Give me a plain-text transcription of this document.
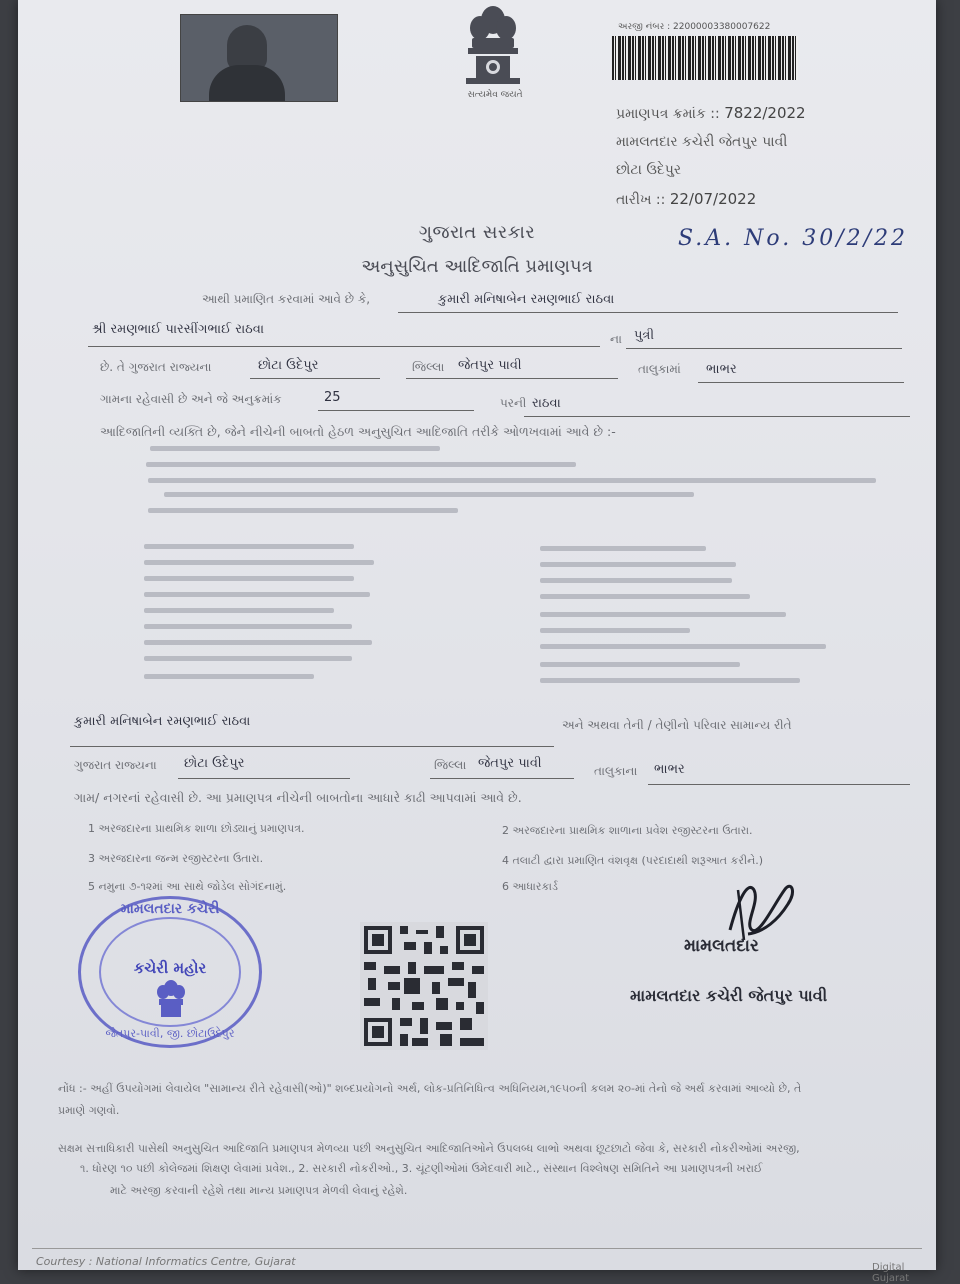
સત્યમેવ જયતે
અરજી નંબર : 22000003380007622
પ્રમાણપત્ર ક્રમાંક :: 7822/2022
મામલતદાર કચેરી જેતપુર પાવી
છોટા ઉદેપુર
તારીખ :: 22/07/2022
ગુજરાત સરકાર
અનુસુચિત આદિજાતિ પ્રમાણપત્ર
S.A. No. 30/2/22
આથી પ્રમાણિત કરવામાં આવે છે કે,	કુમારી મનિષાબેન રમણભાઈ રાઠવા
શ્રી રમણભાઈ પારસીંગભાઈ રાઠવા
ના પુત્રી
છે. તે ગુજરાત રાજ્યના	છોટા ઉદેપુર	જિલ્લા જેતપુર પાવી	તાલુકામાં ભાભર
ગામના રહેવાસી છે અને જે અનુક્રમાંક	25	પરની રાઠવા
આદિજાતિની વ્યક્તિ છે, જેને નીચેની બાબતો હેઠળ અનુસુચિત આદિજાતિ તરીકે ઓળખવામાં આવે છે :-
કુમારી મનિષાબેન રમણભાઈ રાઠવા	અને અથવા તેની / તેણીનો પરિવાર સામાન્ય રીતે
ગુજરાત રાજ્યના છોટા ઉદેપુર	જિલ્લા જેતપુર પાવી	તાલુકાના ભાભર
ગામ/ નગરનાં રહેવાસી છે. આ પ્રમાણપત્ર નીચેની બાબતોના આધારે કાઢી આપવામાં આવે છે.
1 અરજદારના પ્રાથમિક શાળા છોડ્યાનું પ્રમાણપત્ર.	2 અરજદારના પ્રાથમિક શાળાના પ્રવેશ રજીસ્ટરના ઉતારા.
3 અરજદારના જન્મ રજીસ્ટરના ઉતારા.	4 તલાટી દ્વારા પ્રમાણિત વંશવૃક્ષ (પરદાદાથી શરૂઆત કરીને.)
5 નમુના ૭-૧૨માં આ સાથે જોડેલ સોગંદનામું.	6 આધારકાર્ડ
મામલતદાર કચેરી
કચેરી મહોર
જેતપુર-પાવી, જી. છોટાઉદેપુર
મામલતદાર
મામલતદાર કચેરી જેતપુર પાવી
નોંધ :- અહીં ઉપયોગમાં લેવાયેલ "સામાન્ય રીતે રહેવાસી(ઓ)" શબ્દપ્રયોગનો અર્થ, લોક-પ્રતિનિધિત્વ અધિનિયમ,૧૯૫૦ની કલમ ૨૦-માં તેનો જે અર્થ કરવામાં આવ્યો છે, તે
પ્રમાણે ગણવો.
સક્ષમ સત્તાધિકારી પાસેથી અનુસુચિત આદિજાતિ પ્રમાણપત્ર મેળવ્યા પછી અનુસુચિત આદિજાતિઓને ઉપલબ્ધ લાભો અથવા છૂટછાટો જેવા કે, સરકારી નોકરીઓમાં અરજી,
૧. ધોરણ ૧૦ પછી કોલેજમાં શિક્ષણ લેવામાં પ્રવેશ., 2. સરકારી નોકરીઓ., 3. ચૂંટણીઓમાં ઉમેદવારી માટે., સંસ્થાન વિશ્લેષણ સમિતિને આ પ્રમાણપત્રની ખરાઈ
માટે અરજી કરવાની રહેશે તથા માન્ય પ્રમાણપત્ર મેળવી લેવાનું રહેશે.
Courtesy : National Informatics Centre, Gujarat	Digital Gujarat
